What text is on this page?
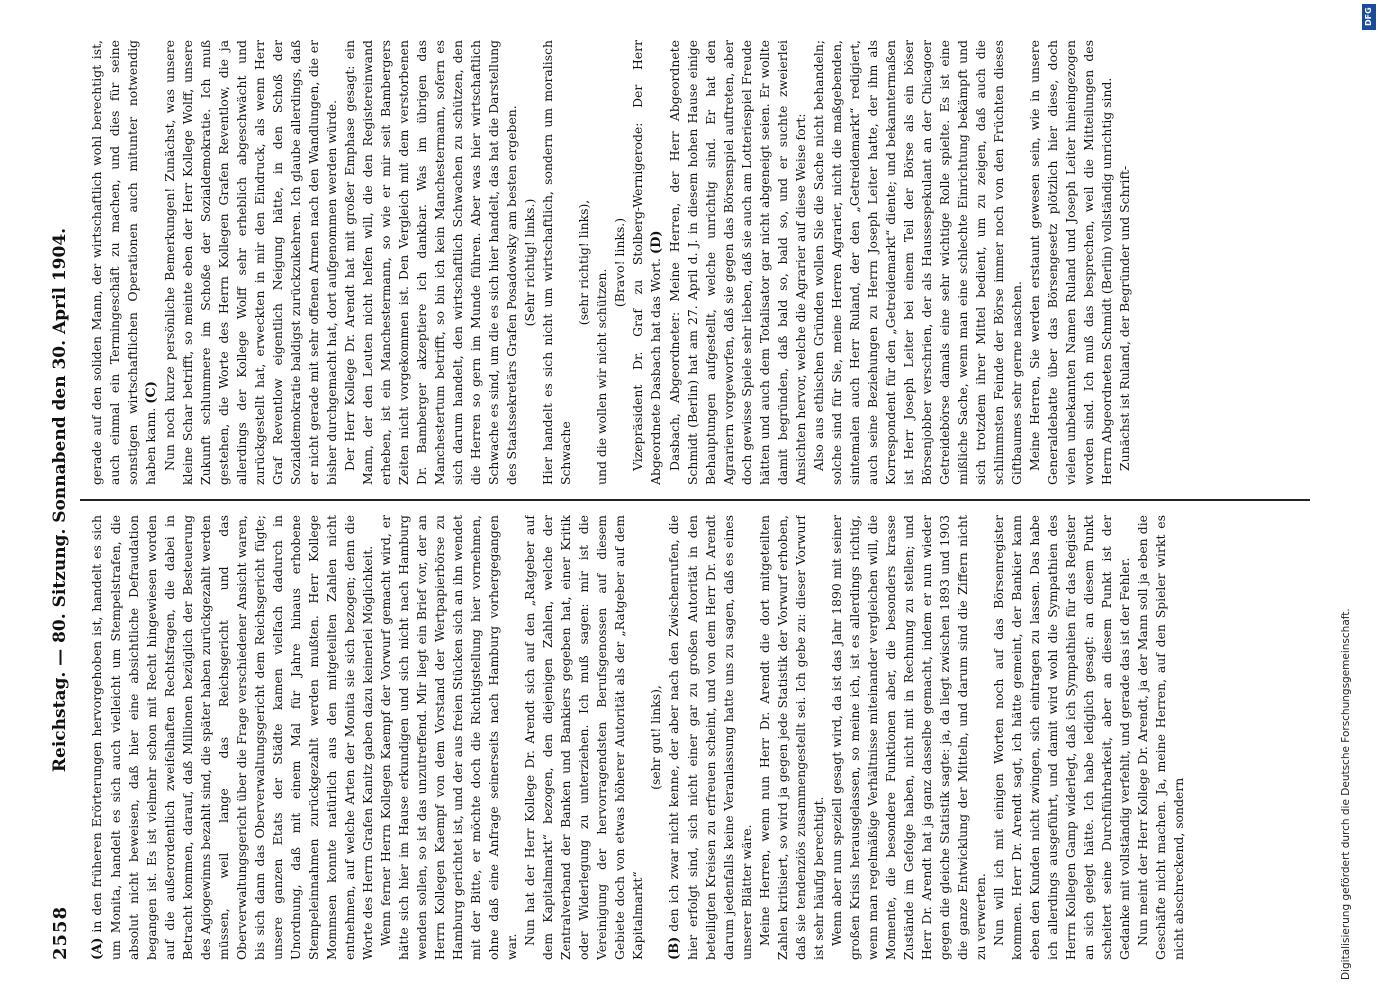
2558
Reichstag. — 80. Sitzung. Sonnabend den 30. April 1904.

(A) in den früheren Erörterungen hervorgehoben ist, handelt es sich um Monita, handelt es sich auch vielleicht um Stempelstrafen, die absolut nicht beweisen, daß hier eine absichtliche Defraudation begangen ist. Es ist vielmehr schon mit Recht hingewiesen worden auf die außerordentlich zweifelhaften Rechtsfragen, die dabei in Betracht kommen, darauf, daß Millionen bezüglich der Besteuerung des Agiogewinns bezahlt sind, die später haben zurückgezahlt werden müssen, weil lange das Reichsgericht und das Oberverwaltungsgericht über die Frage verschiedener Ansicht waren, bis sich dann das Oberverwaltungsgericht dem Reichsgericht fügte; unsere ganzen Etats der Städte kamen vielfach dadurch in Unordnung, daß mit einem Mal für Jahre hinaus erhobene Stempeleinnahmen zurückgezahlt werden mußten. Herr Kollege Mommsen konnte natürlich aus den mitgeteilten Zahlen nicht entnehmen, auf welche Arten der Monita sie sich bezogen; denn die Worte des Herrn Grafen Kanitz gaben dazu keinerlei Möglichkeit. Wenn ferner Herrn Kollegen Kaempf der Vorwurf gemacht wird, er hätte sich hier im Hause erkundigen und sich nicht nach Hamburg wenden sollen, so ist das unzutreffend. Mir liegt ein Brief vor, der an Herrn Kollegen Kaempf von dem Vorstand der Wertpapierbörse zu Hamburg gerichtet ist, und der aus freien Stücken sich an ihn wendet mit der Bitte, er möchte doch die Richtigstellung hier vornehmen, ohne daß eine Anfrage seinerseits nach Hamburg vorhergegangen war.

Nun hat der Herr Kollege Dr. Arendt sich auf den „Ratgeber auf dem Kapitalmarkt“ bezogen, den diejenigen Zahlen, welche der Zentralverband der Banken und Bankiers gegeben hat, einer Kritik oder Widerlegung zu unterziehen. Ich muß sagen: mir ist die Vereinigung der hervorragendsten Berufsgenossen auf diesem Gebiete doch von etwas höherer Autorität als der „Ratgeber auf dem Kapitalmarkt“

(sehr gut! links),

(B) den ich zwar nicht kenne, der aber nach den Zwischenrufen, die hier erfolgt sind, sich nicht einer gar zu großen Autorität in den beteiligten Kreisen zu erfreuen scheint, und von dem Herr Dr. Arendt darum jedenfalls keine Veranlassung hatte uns zu sagen, daß es eines unserer Blätter wäre. Meine Herren, wenn nun Herr Dr. Arendt die dort mitgeteilten Zahlen kritisiert, so wird ja gegen jede Statistik der Vorwurf erhoben, daß sie tendenziös zusammengestellt sei. Ich gebe zu: dieser Vorwurf ist sehr häufig berechtigt. Wenn aber nun speziell gesagt wird, da ist das Jahr 1890 mit seiner großen Krisis herausgelassen, so meine ich, ist es allerdings richtig, wenn man regelmäßige Verhältnisse miteinander vergleichen will, die Momente, die besondere Funktionen aber, die besonders krasse Zustände im Gefolge haben, nicht mit in Rechnung zu stellen; und Herr Dr. Arendt hat ja ganz dasselbe gemacht, indem er nun wieder gegen die gleiche Statistik sagte: ja, da liegt zwischen 1893 und 1903 die ganze Entwicklung der Mitteln, und darum sind die Ziffern nicht zu verwerten. Nun will ich mit einigen Worten noch auf das Börsenregister kommen. Herr Dr. Arendt sagt, ich hätte gemeint, der Bankier kann eben den Kunden nicht zwingen, sich eintragen zu lassen. Das habe ich allerdings ausgeführt, und damit wird wohl die Sympathien des Herrn Kollegen Gamp widerlegt, daß ich Sympathien für das Register an sich gelegt hätte. Ich habe lediglich gesagt: an diesem Punkt scheitert seine Durchführbarkeit, aber an diesem Punkt ist der Gedanke mit vollständig verfehlt, und gerade das ist der Fehler. Nun meint der Herr Kollege Dr. Arendt, ja der Mann soll ja eben die Geschäfte nicht machen. Ja, meine Herren, auf den Spieler wirkt es nicht abschreckend, sondern

gerade auf den soliden Mann, der wirtschaftlich wohl berechtigt ist, auch einmal ein Termingeschäft zu machen, und dies für seine sonstigen wirtschaftlichen Operationen auch mitunter notwendig haben kann. (C) Nun noch kurze persönliche Bemerkungen! Zunächst, was unsere kleine Schar betrifft, so meinte eben der Herr Kollege Wolff, unsere Zukunft schlummere im Schoße der Sozialdemokratie. Ich muß gestehen, die Worte des Herrn Kollegen Grafen Reventlow, die ja allerdings der Kollege Wolff sehr erheblich abgeschwächt und zurückgestellt hat, erweckten in mir den Eindruck, als wenn Herr Graf Reventlow eigentlich Neigung hätte, in den Schoß der Sozialdemokratie baldigst zurückzukehren. Ich glaube allerdings, daß er nicht gerade mit sehr offenen Armen nach den Wandlungen, die er bisher durchgemacht hat, dort aufgenommen werden würde. Der Herr Kollege Dr. Arendt hat mit großer Emphase gesagt: ein Mann, der den Leuten nicht helfen will, die den Registereinwand erheben, ist ein Manchestermann, so wie er mir seit Bambergers Zeiten nicht vorgekommen ist. Den Vergleich mit dem verstorbenen Dr. Bamberger akzeptiere ich dankbar. Was im übrigen das Manchestertum betrifft, so bin ich kein Manchestermann, sofern es sich darum handelt, den wirtschaftlich Schwachen zu schützen, den die Herren so gern im Munde führen. Aber was hier wirtschaftlich Schwache es sind, um die es sich hier handelt, das hat die Darstellung des Staatssekretärs Grafen Posadowsky am besten ergeben. (Sehr richtig! links.) Hier handelt es sich nicht um wirtschaftlich, sondern um moralisch Schwache

(sehr richtig! links),

und die wollen wir nicht schützen.

(Bravo! links.) Vizepräsident Dr. Graf zu Stolberg-Wernigerode: Der Herr Abgeordnete Dasbach hat das Wort. (D) Dasbach, Abgeordneter: Meine Herren, der Herr Abgeordnete Schmidt (Berlin) hat am 27. April d. J. in diesem hohen Hause einige Behauptungen aufgestellt, welche unrichtig sind. Er hat den Agrariern vorgeworfen, daß sie gegen das Börsenspiel auftreten, aber doch gewisse Spiele sehr lieben, daß sie auch am Lotteriespiel Freude hätten und auch dem Totalisator gar nicht abgeneigt seien. Er wollte damit begründen, daß bald so, bald so, und er suchte zweierlei Ansichten hervor, welche die Agrarier auf diese Weise fort: Also aus ethischen Gründen wollen Sie die Sache nicht behandeln; solche sind für Sie, meine Herren Agrarier, nicht die maßgebenden, sintemalen auch Herr Ruland, der den „Getreidemarkt“ redigiert, auch seine Beziehungen zu Herrn Joseph Leiter hatte, der ihm als Korrespondent für den „Getreidemarkt“ diente; und bekanntermaßen ist Herr Joseph Leiter bei einem Teil der Börse als ein böser Börsenjobber verschrien, der als Haussespekulant an der Chicagoer Getreidebörse damals eine sehr wichtige Rolle spielte. Es ist eine mißliche Sache, wenn man eine schlechte Einrichtung bekämpft und sich trotzdem ihrer Mittel bedient, um zu zeigen, daß auch die schlimmsten Feinde der Börse immer noch von den Früchten dieses Giftbaumes sehr gerne naschen. Meine Herren, Sie werden erstaunt gewesen sein, wie in unsere Generaldebatte über das Börsengesetz plötzlich hier diese, doch vielen unbekannten Namen Ruland und Joseph Leiter hineingezogen worden sind. Ich muß das besprechen, weil die Mitteilungen des Herrn Abgeordneten Schmidt (Berlin) vollständig unrichtig sind. Zunächst ist Ruland, der Begründer und Schrift-

Digitalisierung gefördert durch die Deutsche Forschungsgemeinschaft.
DFG
